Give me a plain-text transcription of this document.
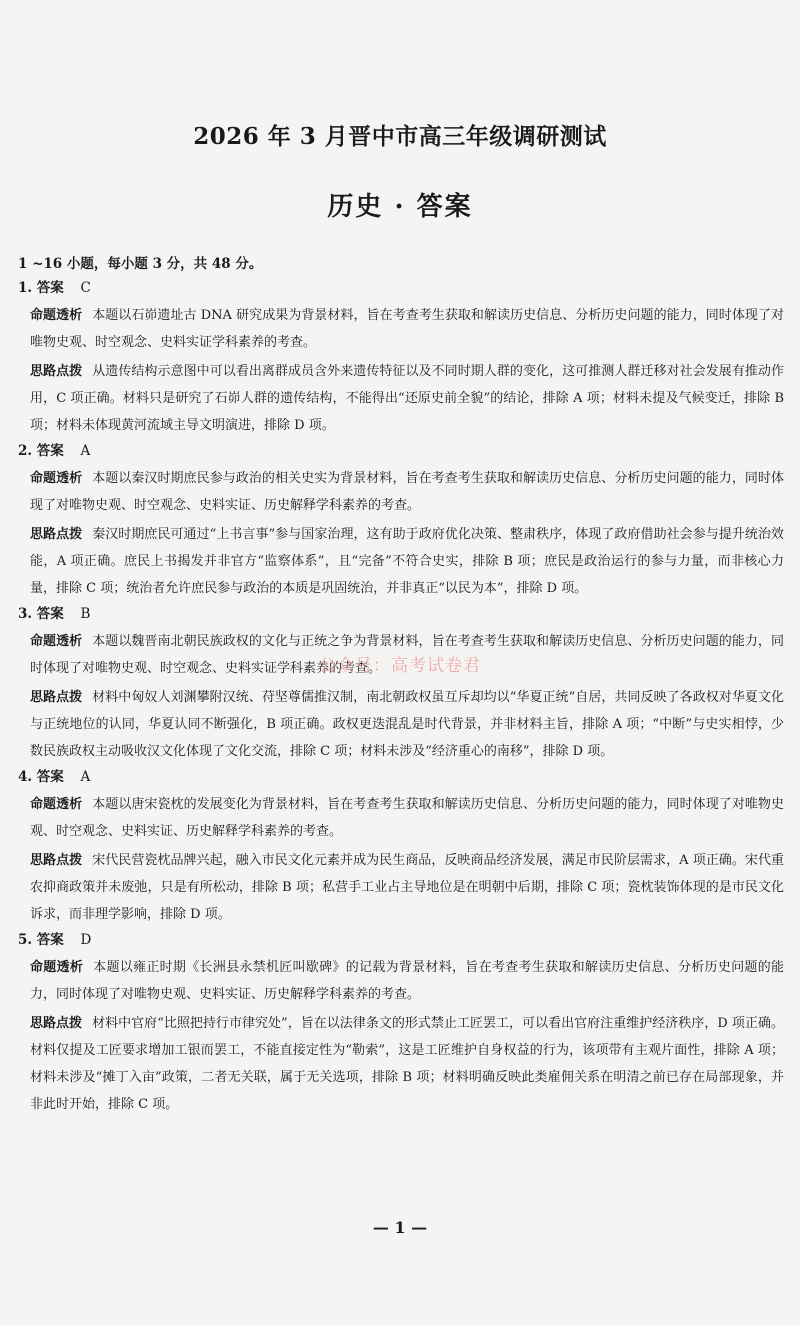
2026 年 3 月晋中市高三年级调研测试
历史 · 答案
1 ~16 小题，每小题 3 分，共 48 分。
1. 答案 C

命题透析 本题以石峁遗址古 DNA 研究成果为背景材料，旨在考查考生获取和解读历史信息、分析历史问题的能力，同时体现了对唯物史观、时空观念、史料实证学科素养的考查。

思路点拨 从遗传结构示意图中可以看出离群成员含外来遗传特征以及不同时期人群的变化，这可推测人群迁移对社会发展有推动作用，C 项正确。材料只是研究了石峁人群的遗传结构，不能得出“还原史前全貌”的结论，排除 A 项；材料未提及气候变迁，排除 B 项；材料未体现黄河流域主导文明演进，排除 D 项。

2. 答案 A

命题透析 本题以秦汉时期庶民参与政治的相关史实为背景材料，旨在考查考生获取和解读历史信息、分析历史问题的能力，同时体现了对唯物史观、时空观念、史料实证、历史解释学科素养的考查。

思路点拨 秦汉时期庶民可通过“上书言事”参与国家治理，这有助于政府优化决策、整肃秩序，体现了政府借助社会参与提升统治效能，A 项正确。庶民上书揭发并非官方“监察体系”，且“完备”不符合史实，排除 B 项；庶民是政治运行的参与力量，而非核心力量，排除 C 项；统治者允许庶民参与政治的本质是巩固统治，并非真正“以民为本”，排除 D 项。

3. 答案 B

命题透析 本题以魏晋南北朝民族政权的文化与正统之争为背景材料，旨在考查考生获取和解读历史信息、分析历史问题的能力，同时体现了对唯物史观、时空观念、史料实证学科素养的考查。

思路点拨 材料中匈奴人刘渊攀附汉统、苻坚尊儒推汉制，南北朝政权虽互斥却均以“华夏正统”自居，共同反映了各政权对华夏文化与正统地位的认同，华夏认同不断强化，B 项正确。政权更迭混乱是时代背景，并非材料主旨，排除 A 项；“中断”与史实相悖，少数民族政权主动吸收汉文化体现了文化交流，排除 C 项；材料未涉及“经济重心的南移”，排除 D 项。

4. 答案 A

命题透析 本题以唐宋瓷枕的发展变化为背景材料，旨在考查考生获取和解读历史信息、分析历史问题的能力，同时体现了对唯物史观、时空观念、史料实证、历史解释学科素养的考查。

思路点拨 宋代民营瓷枕品牌兴起，融入市民文化元素并成为民生商品，反映商品经济发展，满足市民阶层需求，A 项正确。宋代重农抑商政策并未废弛，只是有所松动，排除 B 项；私营手工业占主导地位是在明朝中后期，排除 C 项；瓷枕装饰体现的是市民文化诉求，而非理学影响，排除 D 项。

5. 答案 D

命题透析 本题以雍正时期《长洲县永禁机匠叫歇碑》的记载为背景材料，旨在考查考生获取和解读历史信息、分析历史问题的能力，同时体现了对唯物史观、史料实证、历史解释学科素养的考查。

思路点拨 材料中官府“比照把持行市律究处”，旨在以法律条文的形式禁止工匠罢工，可以看出官府注重维护经济秩序，D 项正确。材料仅提及工匠要求增加工银而罢工，不能直接定性为“勒索”，这是工匠维护自身权益的行为，该项带有主观片面性，排除 A 项；材料未涉及“摊丁入亩”政策，二者无关联，属于无关选项，排除 B 项；材料明确反映此类雇佣关系在明清之前已存在局部现象，并非此时开始，排除 C 项。

公众号：高考试卷君
— 1 —
